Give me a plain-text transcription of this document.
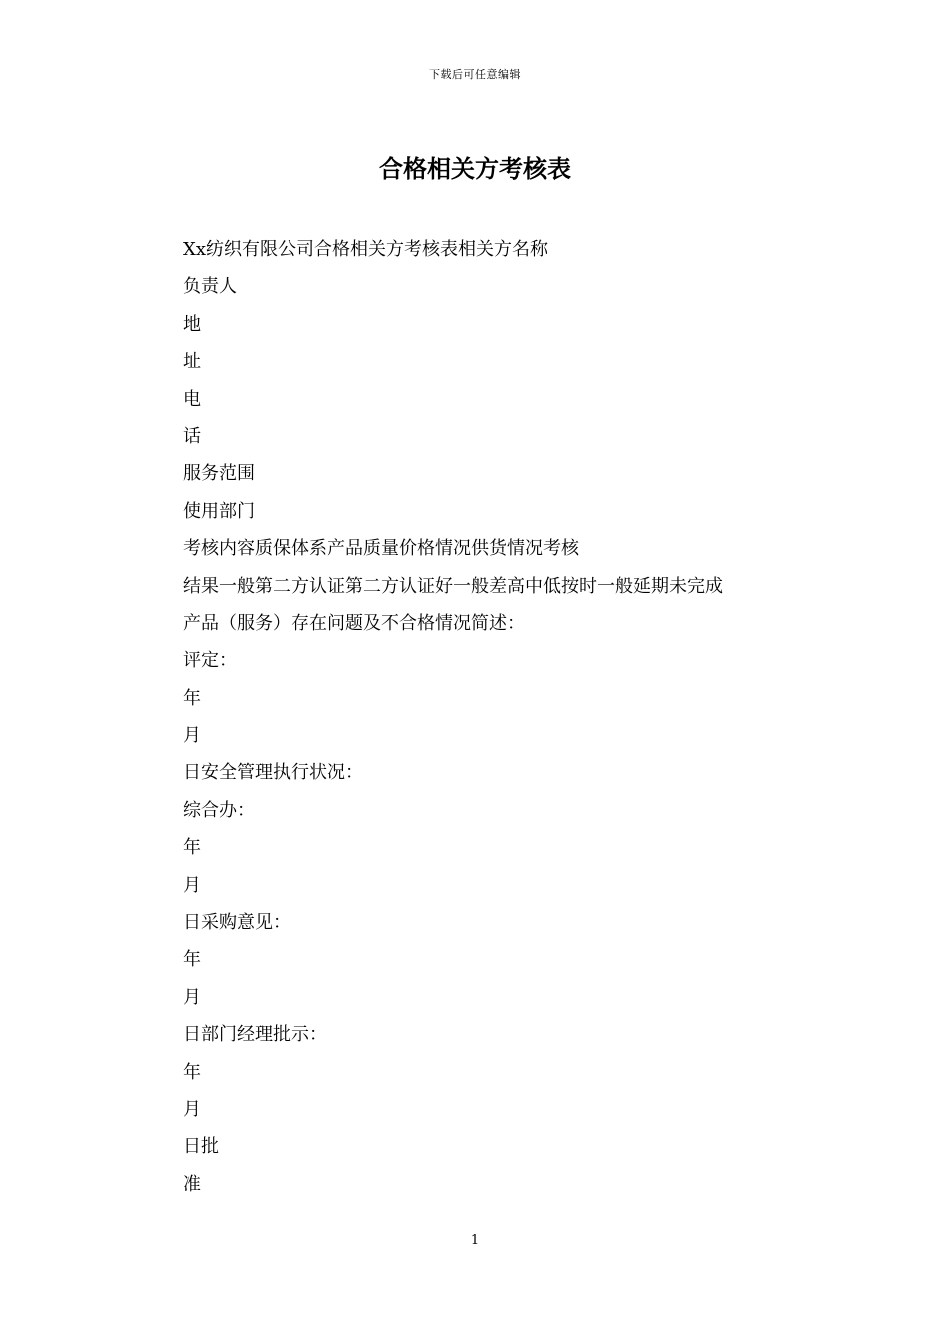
下载后可任意编辑
合格相关方考核表
Xx纺织有限公司合格相关方考核表相关方名称
负责人
地
址
电
话
服务范围
使用部门
考核内容质保体系产品质量价格情况供货情况考核
结果一般第二方认证第二方认证好一般差高中低按时一般延期未完成
产品（服务）存在问题及不合格情况简述：
评定：
年
月
日安全管理执行状况：
综合办：
年
月
日采购意见：
年
月
日部门经理批示：
年
月
日批
准
1
